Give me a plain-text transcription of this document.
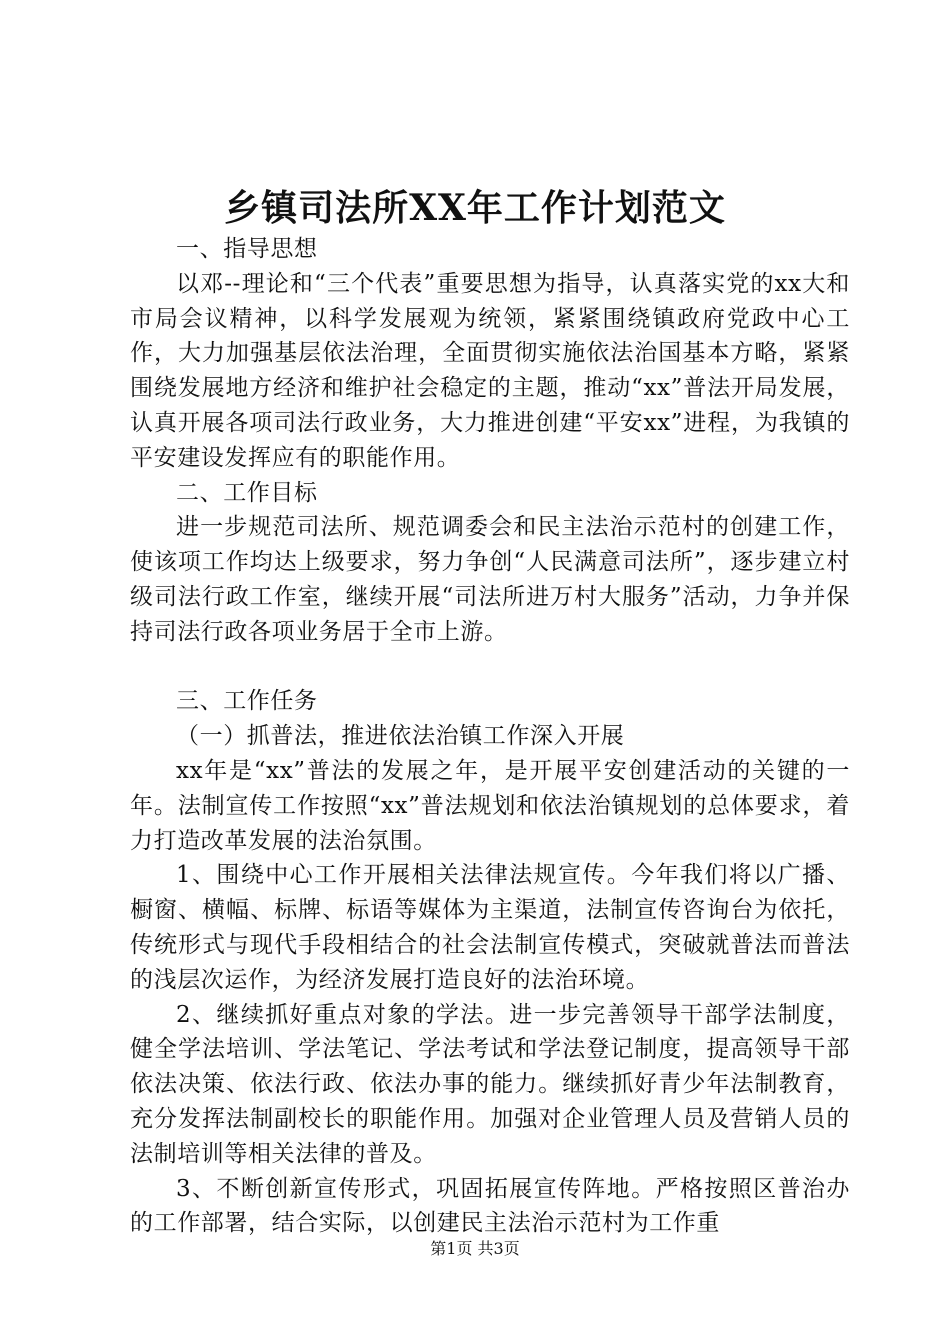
乡镇司法所XX年工作计划范文

一、指导思想

以邓--理论和“三个代表”重要思想为指导，认真落实党的xx大和市局会议精神，以科学发展观为统领，紧紧围绕镇政府党政中心工作，大力加强基层依法治理，全面贯彻实施依法治国基本方略，紧紧围绕发展地方经济和维护社会稳定的主题，推动“xx”普法开局发展，认真开展各项司法行政业务，大力推进创建“平安xx”进程，为我镇的平安建设发挥应有的职能作用。

二、工作目标

进一步规范司法所、规范调委会和民主法治示范村的创建工作，使该项工作均达上级要求，努力争创“人民满意司法所”，逐步建立村级司法行政工作室，继续开展“司法所进万村大服务”活动，力争并保持司法行政各项业务居于全市上游。

三、工作任务

（一）抓普法，推进依法治镇工作深入开展

xx年是“xx”普法的发展之年，是开展平安创建活动的关键的一年。法制宣传工作按照“xx”普法规划和依法治镇规划的总体要求，着力打造改革发展的法治氛围。

1、围绕中心工作开展相关法律法规宣传。今年我们将以广播、橱窗、横幅、标牌、标语等媒体为主渠道，法制宣传咨询台为依托，传统形式与现代手段相结合的社会法制宣传模式，突破就普法而普法的浅层次运作，为经济发展打造良好的法治环境。

2、继续抓好重点对象的学法。进一步完善领导干部学法制度，健全学法培训、学法笔记、学法考试和学法登记制度，提高领导干部依法决策、依法行政、依法办事的能力。继续抓好青少年法制教育，充分发挥法制副校长的职能作用。加强对企业管理人员及营销人员的法制培训等相关法律的普及。

3、不断创新宣传形式，巩固拓展宣传阵地。严格按照区普治办的工作部署，结合实际，以创建民主法治示范村为工作重

第1页 共3页
